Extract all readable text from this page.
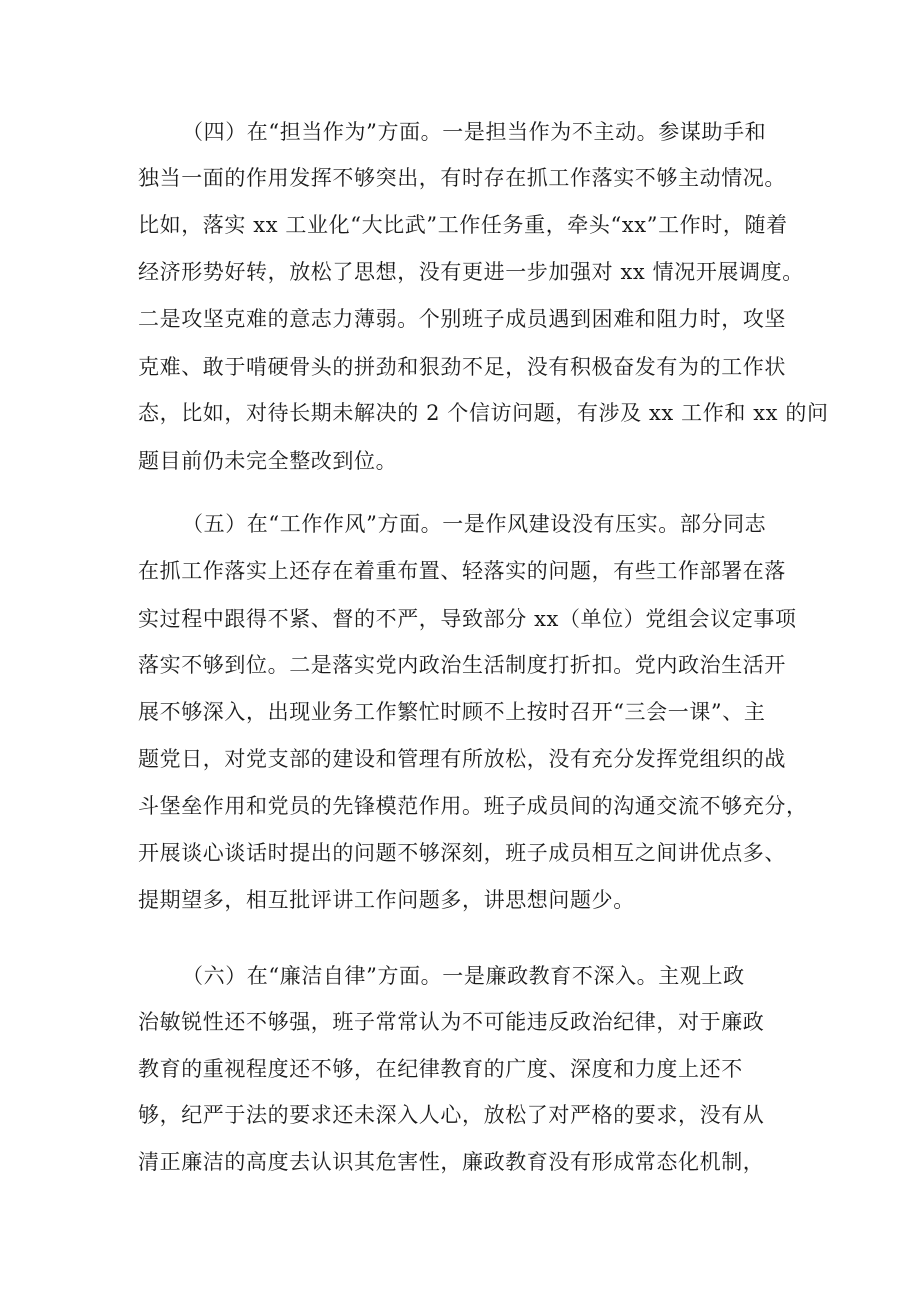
（四）在“担当作为”方面。一是担当作为不主动。参谋助手和
独当一面的作用发挥不够突出，有时存在抓工作落实不够主动情况。
比如，落实 xx 工业化“大比武”工作任务重，牵头“xx”工作时，随着
经济形势好转，放松了思想，没有更进一步加强对 xx 情况开展调度。
二是攻坚克难的意志力薄弱。个别班子成员遇到困难和阻力时，攻坚
克难、敢于啃硬骨头的拼劲和狠劲不足，没有积极奋发有为的工作状
态，比如，对待长期未解决的 2 个信访问题，有涉及 xx 工作和 xx 的问
题目前仍未完全整改到位。
（五）在“工作作风”方面。一是作风建设没有压实。部分同志
在抓工作落实上还存在着重布置、轻落实的问题，有些工作部署在落
实过程中跟得不紧、督的不严，导致部分 xx（单位）党组会议定事项
落实不够到位。二是落实党内政治生活制度打折扣。党内政治生活开
展不够深入，出现业务工作繁忙时顾不上按时召开“三会一课”、主
题党日，对党支部的建设和管理有所放松，没有充分发挥党组织的战
斗堡垒作用和党员的先锋模范作用。班子成员间的沟通交流不够充分，
开展谈心谈话时提出的问题不够深刻，班子成员相互之间讲优点多、
提期望多，相互批评讲工作问题多，讲思想问题少。
（六）在“廉洁自律”方面。一是廉政教育不深入。主观上政
治敏锐性还不够强，班子常常认为不可能违反政治纪律，对于廉政
教育的重视程度还不够，在纪律教育的广度、深度和力度上还不
够，纪严于法的要求还未深入人心，放松了对严格的要求，没有从
清正廉洁的高度去认识其危害性，廉政教育没有形成常态化机制，
